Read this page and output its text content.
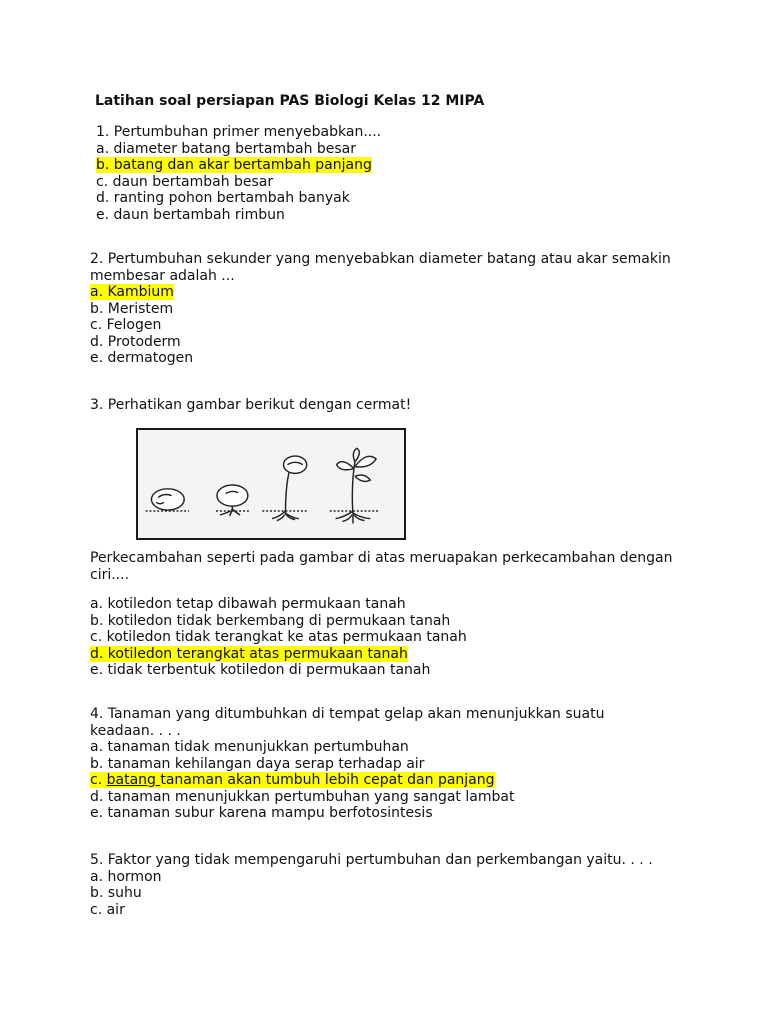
Latihan soal persiapan PAS Biologi Kelas 12 MIPA
1. Pertumbuhan primer menyebabkan....
a. diameter batang bertambah besar
b. batang dan akar bertambah panjang
c. daun bertambah besar
d. ranting pohon bertambah banyak
e. daun bertambah rimbun
2. Pertumbuhan sekunder yang menyebabkan diameter batang atau akar semakin membesar adalah ...
a. Kambium
b. Meristem
c. Felogen
d. Protoderm
e. dermatogen
3. Perhatikan gambar berikut dengan cermat!
Perkecambahan seperti pada gambar di atas meruapakan perkecambahan dengan ciri....
a. kotiledon tetap dibawah permukaan tanah
b. kotiledon tidak berkembang di permukaan tanah
c. kotiledon tidak terangkat ke atas permukaan tanah
d. kotiledon terangkat atas permukaan tanah
e. tidak terbentuk kotiledon di permukaan tanah
4. Tanaman yang ditumbuhkan di tempat gelap akan menunjukkan suatu keadaan. . . .
a. tanaman tidak menunjukkan pertumbuhan
b. tanaman kehilangan daya serap terhadap air
c. batang tanaman akan tumbuh lebih cepat dan panjang
d. tanaman menunjukkan pertumbuhan yang sangat lambat
e. tanaman subur karena mampu berfotosintesis
5. Faktor yang tidak mempengaruhi pertumbuhan dan perkembangan yaitu. . . .
a. hormon
b. suhu
c. air
